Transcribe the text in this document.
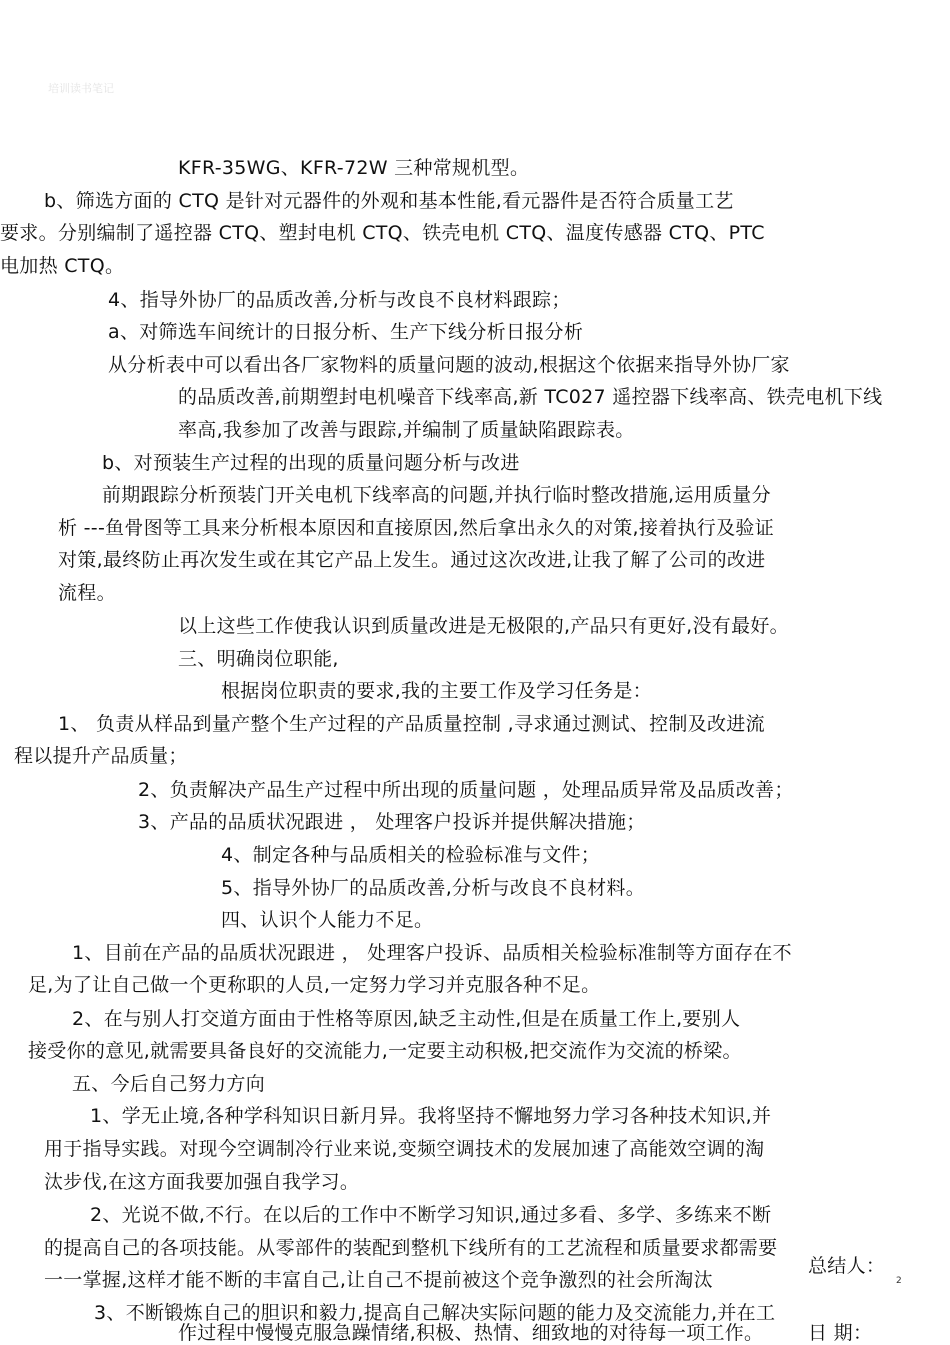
培训读书笔记
KFR-35WG、KFR-72W 三种常规机型。
b、筛选方面的 CTQ 是针对元器件的外观和基本性能,看元器件是否符合质量工艺
要求。分别编制了遥控器 CTQ、塑封电机 CTQ、铁壳电机 CTQ、温度传感器 CTQ、PTC
电加热 CTQ。
4、指导外协厂的品质改善,分析与改良不良材料跟踪；
a、对筛选车间统计的日报分析、生产下线分析日报分析
从分析表中可以看出各厂家物料的质量问题的波动,根据这个依据来指导外协厂家
的品质改善,前期塑封电机噪音下线率高,新 TC027 遥控器下线率高、铁壳电机下线
率高,我参加了改善与跟踪,并编制了质量缺陷跟踪表。
b、对预装生产过程的出现的质量问题分析与改进
前期跟踪分析预装门开关电机下线率高的问题,并执行临时整改措施,运用质量分
析 ---鱼骨图等工具来分析根本原因和直接原因,然后拿出永久的对策,接着执行及验证
对策,最终防止再次发生或在其它产品上发生。通过这次改进,让我了解了公司的改进
流程。
以上这些工作使我认识到质量改进是无极限的,产品只有更好,没有最好。
三、明确岗位职能,
根据岗位职责的要求,我的主要工作及学习任务是：
1、 负责从样品到量产整个生产过程的产品质量控制 ,寻求通过测试、控制及改进流
程以提升产品质量；
2、负责解决产品生产过程中所出现的质量问题 ，处理品质异常及品质改善；
3、产品的品质状况跟进 ， 处理客户投诉并提供解决措施；
4、制定各种与品质相关的检验标准与文件；
5、指导外协厂的品质改善,分析与改良不良材料。
四、认识个人能力不足。
1、目前在产品的品质状况跟进 ， 处理客户投诉、品质相关检验标准制等方面存在不
足,为了让自己做一个更称职的人员,一定努力学习并克服各种不足。
2、在与别人打交道方面由于性格等原因,缺乏主动性,但是在质量工作上,要别人
接受你的意见,就需要具备良好的交流能力,一定要主动积极,把交流作为交流的桥梁。
五、今后自己努力方向
1、学无止境,各种学科知识日新月异。我将坚持不懈地努力学习各种技术知识,并
用于指导实践。对现今空调制冷行业来说,变频空调技术的发展加速了高能效空调的淘
汰步伐,在这方面我要加强自我学习。
2、光说不做,不行。在以后的工作中不断学习知识,通过多看、多学、多练来不断
的提高自己的各项技能。从零部件的装配到整机下线所有的工艺流程和质量要求都需要
一一掌握,这样才能不断的丰富自己,让自己不提前被这个竞争激烈的社会所淘汰
3、不断锻炼自己的胆识和毅力,提高自己解决实际问题的能力及交流能力,并在工
作过程中慢慢克服急躁情绪,积极、热情、细致地的对待每一项工作。
总结人：
日 期：
2
